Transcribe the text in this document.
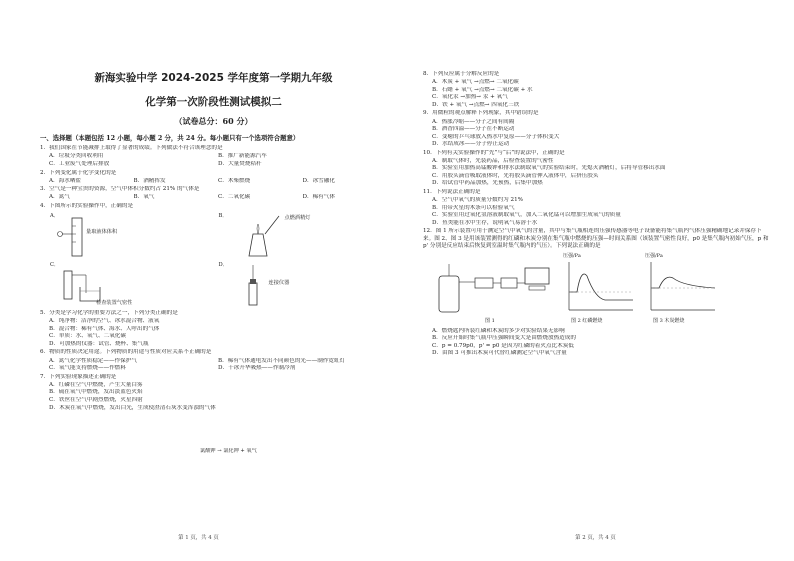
新海实验中学 2024-2025 学年度第一学期九年级
化学第一次阶段性测试模拟二
（试卷总分：60 分）
一、选择题（本题包括 12 小题，每小题 2 分，共 24 分。每小题只有一个选项符合题意）
1．我们国家在节能减排上取得了显著的成绩。下列做法不符合该理念的是
A．垃圾分类回收利用	B．推广新能源汽车
C．工业废气处理后排放	D．大量焚烧秸秆
2．下列变化属于化学变化的是
A．海水晒盐	B．酒精挥发	C．木柴燃烧	D．冰雪融化
3．空气是一种宝贵的资源，空气中体积分数约占 21% 的气体是
A．氮气	B．氧气	C．二氧化碳	D．稀有气体
4．下图所示的实验操作中，正确的是
A．
量取液体体积
B．	点燃酒精灯
C．
检查装置气密性
D．
连接仪器
5．分类是学习化学的重要方法之一，下列分类正确的是
A．纯净物：洁净的空气、冰水混合物、液氧
B．混合物：稀有气体、海水、人呼出的气体
C．单质：水、氧气、二氧化碳
D．可加热的仪器：试管、烧杯、集气瓶
6．物质的性质决定用途。下列物质的用途与性质对应关系不正确的是
A．氮气化学性质稳定——作保护气	B．稀有气体通电发出不同颜色的光——制作霓虹灯
C．氧气能支持燃烧——作燃料	D．干冰升华吸热——作制冷剂
7．下列实验现象描述正确的是
A．红磷在空气中燃烧，产生大量白雾
B．硫在氧气中燃烧，发出淡蓝色火焰
C．铁丝在空气中剧烈燃烧，火星四射
D．木炭在氧气中燃烧，发出白光，生成使澄清石灰水变浑浊的气体
氯酸钾 → 氯化钾 + 氧气
第 1 页，共 4 页
8．下列反应属于分解反应的是
A．木炭 + 氧气 →点燃→ 二氧化碳
B．石蜡 + 氧气 →点燃→ 二氧化碳 + 水
C．氧化汞 →加热→ 汞 + 氧气
D．铁 + 氧气 →点燃→ 四氧化三铁
9．用微粒的观点解释下列现象，其中错误的是
A．热胀冷缩——分子之间有间隔
B．酒香四溢——分子在不断运动
C．变瘪的乒乓球放入热水中复原——分子体积变大
D．水结成冰——分子停止运动
10．下列有关实验操作的“先”与“后”的说法中，正确的是
A．制取气体时，先装药品，后检查装置的气密性
B．实验室用加热高锰酸钾和排水法制取氧气的实验结束时，先熄灭酒精灯，后将导管移出水面
C．用胶头滴管吸取液体时，先将胶头滴管伸入液体中，后挤压胶头
D．给试管中药品加热，先预热，后集中加热
11．下列说法正确的是
A．空气中氧气的质量分数约为 21%
B．用带火星的木条可以检验氧气
C．实验室用过氧化氢溶液制取氧气，加入二氧化锰可以增加生成氧气的质量
D．鱼类能在水中生存，说明氧气易溶于水
12．图 1 所示装置可用于测定空气中氧气的含量，其中与集气瓶相连的压强传感器等电子设备能将集气瓶内气体压强精确地记录并保存下来。图 2、图 3 是用该装置测得的红磷和木炭分别在集气瓶中燃烧的压强—时间关系图（该装置气密性良好，p0 是集气瓶内初始气压，p 和 p' 分别是反应结束后恢复到室温时集气瓶内的气压）。下列说法正确的是
图 1
压强/Pa
图 2 红磷燃烧
压强/Pa
图 3 木炭燃烧
A．燃烧匙内所装红磷和木炭的多少对实验结果无影响
B．反应开始时集气瓶中压强瞬间变大是由燃烧放热造成的
C．p = 0.79p0，p' = p0 是因为红磷的着火点比木炭低
D．由图 3 可推出木炭可代替红磷测定空气中氧气含量
第 2 页，共 4 页
